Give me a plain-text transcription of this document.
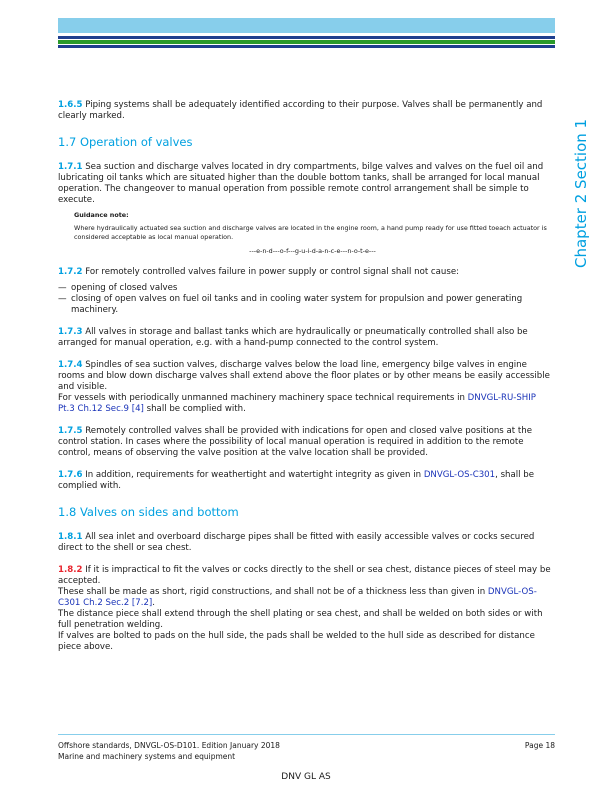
Chapter 2 Section 1

1.6.5 Piping systems shall be adequately identified according to their purpose. Valves shall be permanently and clearly marked.

1.7 Operation of valves

1.7.1 Sea suction and discharge valves located in dry compartments, bilge valves and valves on the fuel oil and lubricating oil tanks which are situated higher than the double bottom tanks, shall be arranged for local manual operation. The changeover to manual operation from possible remote control arrangement shall be simple to execute.

Guidance note:

Where hydraulically actuated sea suction and discharge valves are located in the engine room, a hand pump ready for use fitted toeach actuator is considered acceptable as local manual operation.

---e-n-d---o-f---g-u-i-d-a-n-c-e---n-o-t-e---

1.7.2 For remotely controlled valves failure in power supply or control signal shall not cause:

— opening of closed valves
— closing of open valves on fuel oil tanks and in cooling water system for propulsion and power generating machinery.

1.7.3 All valves in storage and ballast tanks which are hydraulically or pneumatically controlled shall also be arranged for manual operation, e.g. with a hand-pump connected to the control system.

1.7.4 Spindles of sea suction valves, discharge valves below the load line, emergency bilge valves in engine rooms and blow down discharge valves shall extend above the floor plates or by other means be easily accessible and visible.

For vessels with periodically unmanned machinery machinery space technical requirements in DNVGL-RU-SHIP Pt.3 Ch.12 Sec.9 [4] shall be complied with.

1.7.5 Remotely controlled valves shall be provided with indications for open and closed valve positions at the control station. In cases where the possibility of local manual operation is required in addition to the remote control, means of observing the valve position at the valve location shall be provided.

1.7.6 In addition, requirements for weathertight and watertight integrity as given in DNVGL-OS-C301, shall be complied with.

1.8 Valves on sides and bottom

1.8.1 All sea inlet and overboard discharge pipes shall be fitted with easily accessible valves or cocks secured direct to the shell or sea chest.

1.8.2 If it is impractical to fit the valves or cocks directly to the shell or sea chest, distance pieces of steel may be accepted.

These shall be made as short, rigid constructions, and shall not be of a thickness less than given in DNVGL-OS-C301 Ch.2 Sec.2 [7.2].

The distance piece shall extend through the shell plating or sea chest, and shall be welded on both sides or with full penetration welding.

If valves are bolted to pads on the hull side, the pads shall be welded to the hull side as described for distance piece above.

Offshore standards, DNVGL-OS-D101. Edition January 2018

Marine and machinery systems and equipment

Page 18
DNV GL AS
